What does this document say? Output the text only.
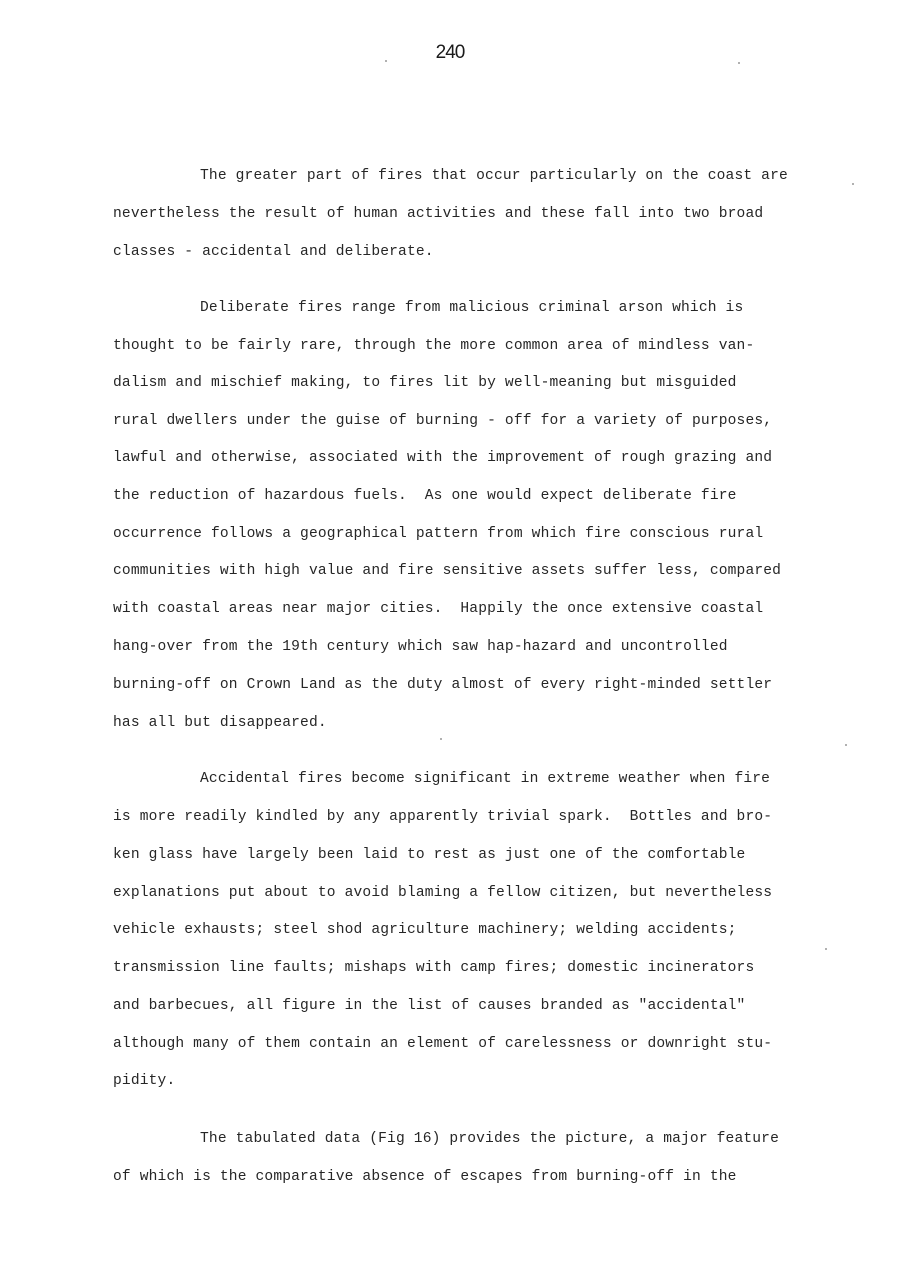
240
The greater part of fires that occur particularly on the coast are
nevertheless the result of human activities and these fall into two broad
classes - accidental and deliberate.
Deliberate fires range from malicious criminal arson which is
thought to be fairly rare, through the more common area of mindless van-
dalism and mischief making, to fires lit by well-meaning but misguided
rural dwellers under the guise of burning - off for a variety of purposes,
lawful and otherwise, associated with the improvement of rough grazing and
the reduction of hazardous fuels.  As one would expect deliberate fire
occurrence follows a geographical pattern from which fire conscious rural
communities with high value and fire sensitive assets suffer less, compared
with coastal areas near major cities.  Happily the once extensive coastal
hang-over from the 19th century which saw hap-hazard and uncontrolled
burning-off on Crown Land as the duty almost of every right-minded settler
has all but disappeared.
Accidental fires become significant in extreme weather when fire
is more readily kindled by any apparently trivial spark.  Bottles and bro-
ken glass have largely been laid to rest as just one of the comfortable
explanations put about to avoid blaming a fellow citizen, but nevertheless
vehicle exhausts; steel shod agriculture machinery; welding accidents;
transmission line faults; mishaps with camp fires; domestic incinerators
and barbecues, all figure in the list of causes branded as "accidental"
although many of them contain an element of carelessness or downright stu-
pidity.
The tabulated data (Fig 16) provides the picture, a major feature
of which is the comparative absence of escapes from burning-off in the
